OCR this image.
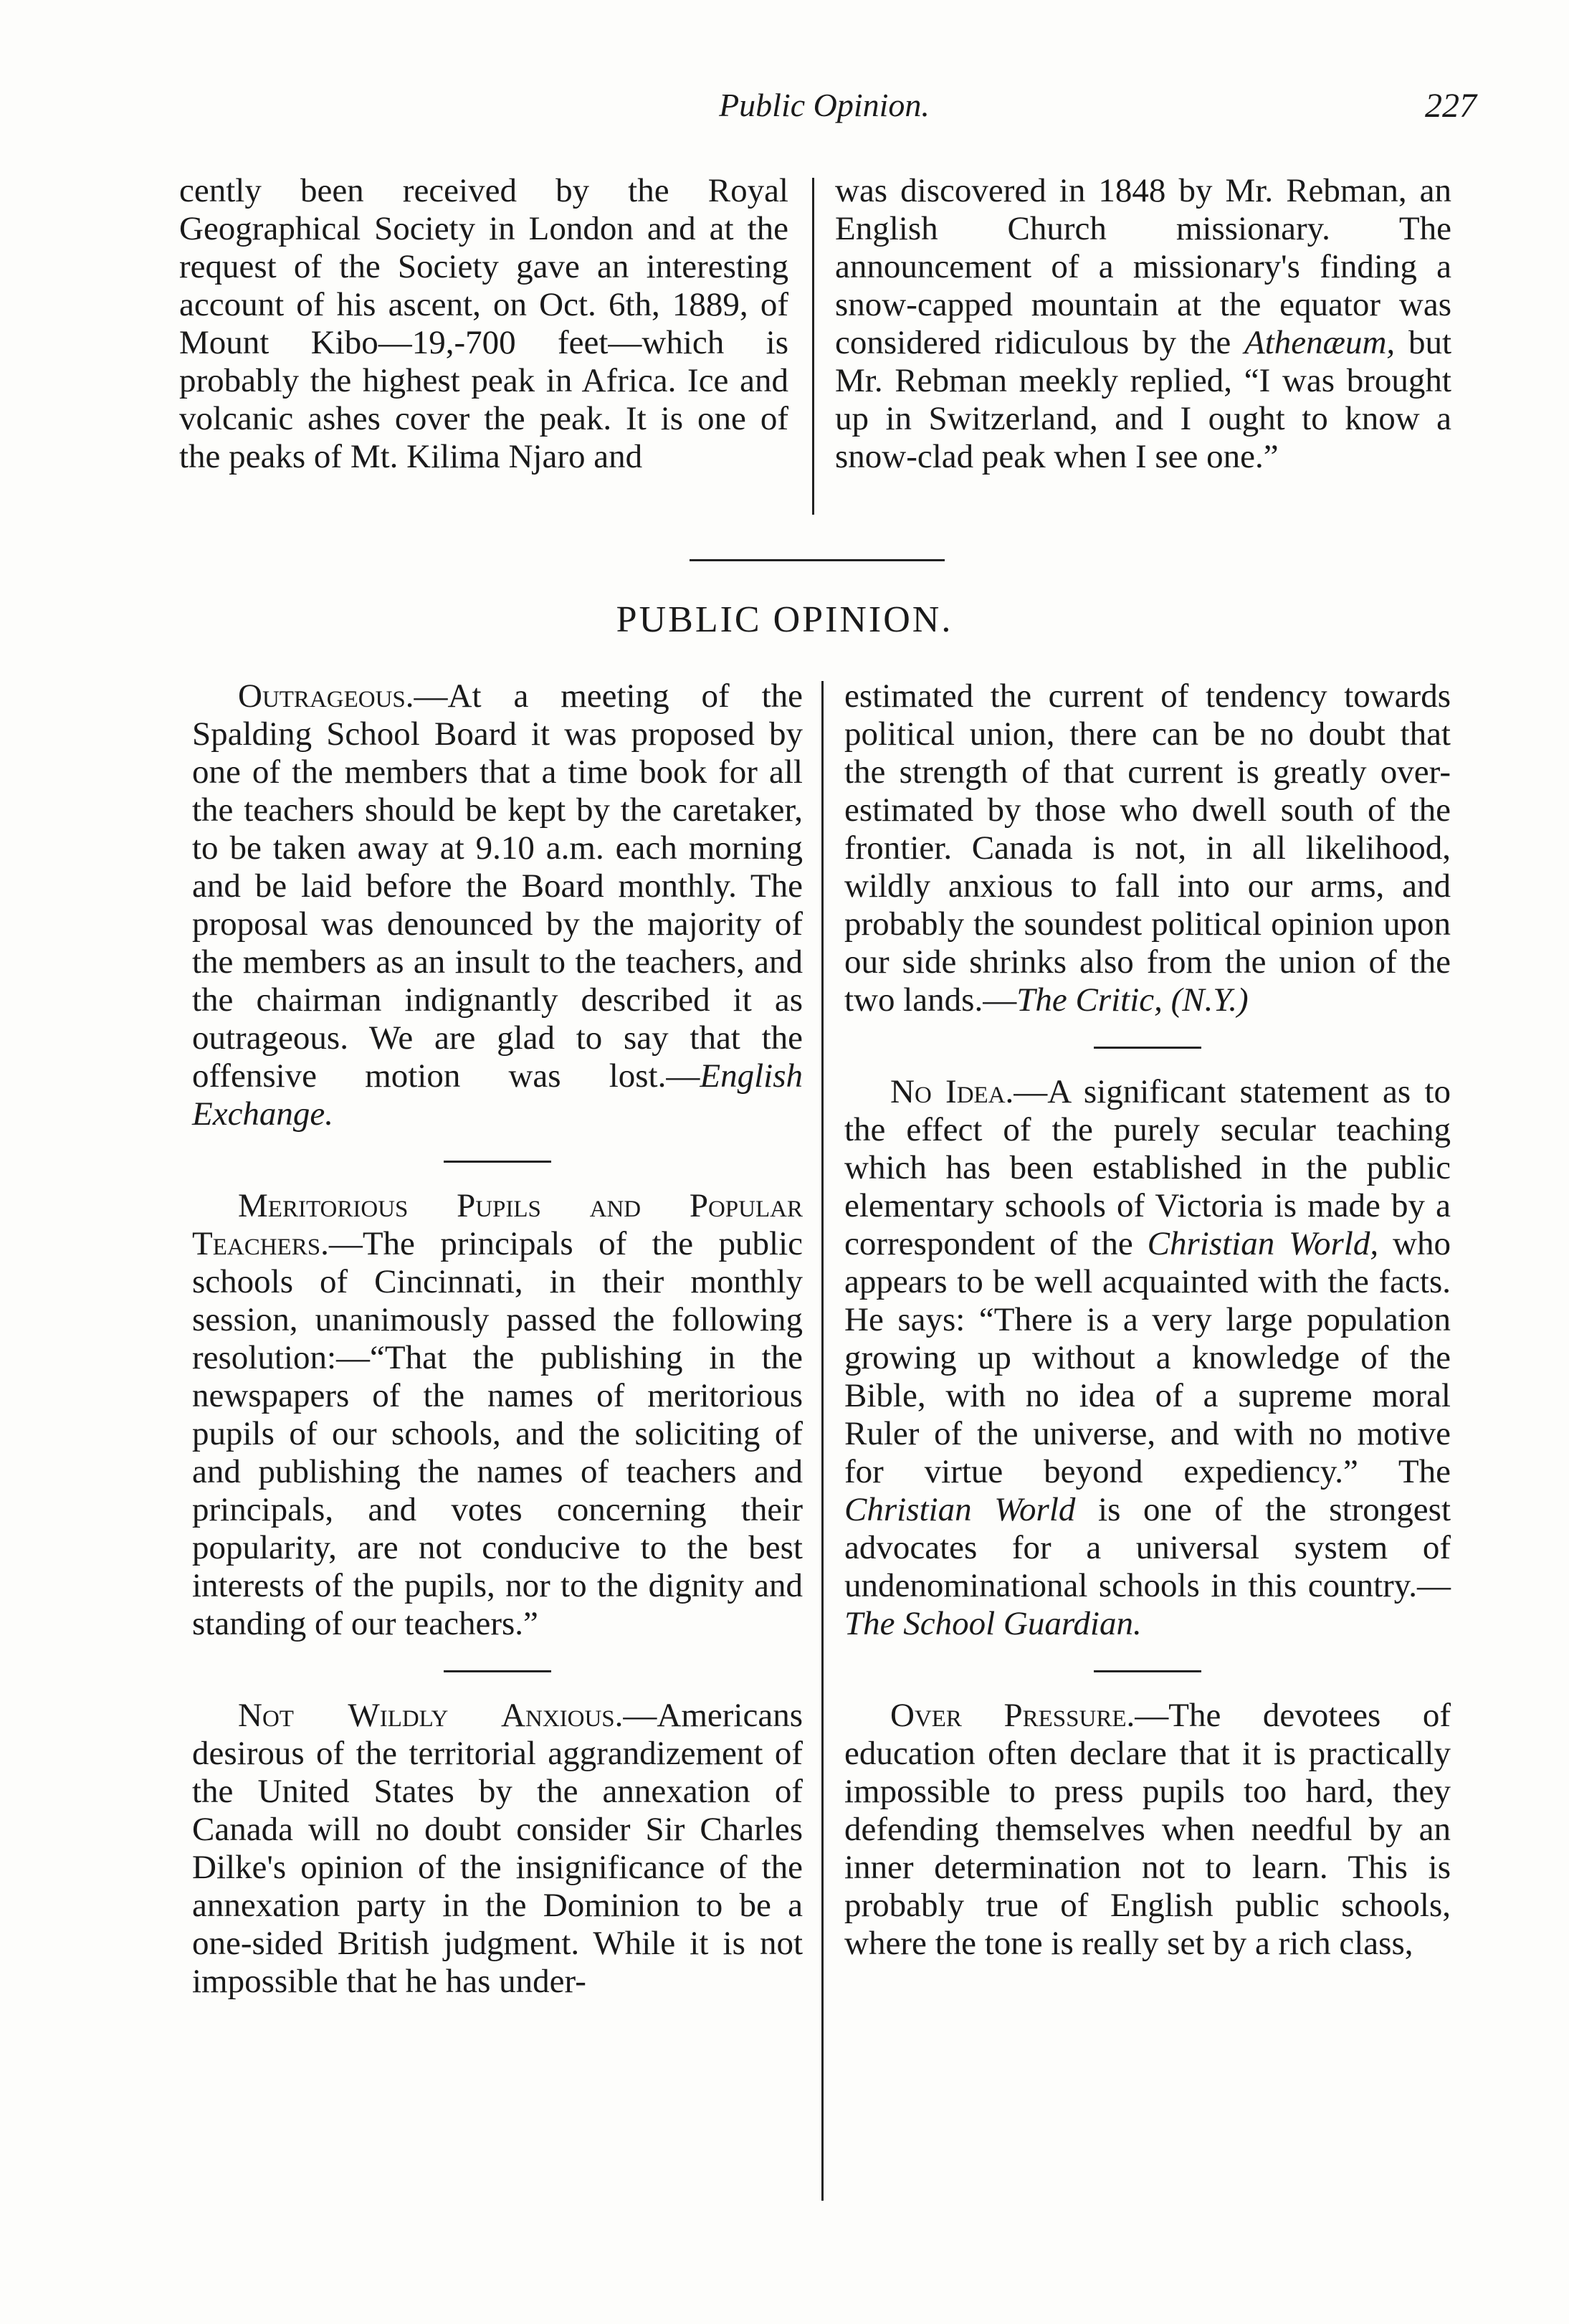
Public Opinion.	227

cently been received by the Royal Geographical Society in London and at the request of the Society gave an interesting account of his ascent, on Oct. 6th, 1889, of Mount Kibo—19,-700 feet—which is probably the highest peak in Africa. Ice and volcanic ashes cover the peak. It is one of the peaks of Mt. Kilima Njaro and

was discovered in 1848 by Mr. Rebman, an English Church missionary. The announcement of a missionary's finding a snow-capped mountain at the equator was considered ridiculous by the Athenæum, but Mr. Rebman meekly replied, “I was brought up in Switzerland, and I ought to know a snow-clad peak when I see one.”

PUBLIC OPINION.

Outrageous.—At a meeting of the Spalding School Board it was proposed by one of the members that a time book for all the teachers should be kept by the caretaker, to be taken away at 9.10 a.m. each morning and be laid before the Board monthly. The proposal was denounced by the majority of the members as an insult to the teachers, and the chairman indignantly described it as outrageous. We are glad to say that the offensive motion was lost.—English Exchange.

Meritorious Pupils and Popular Teachers.—The principals of the public schools of Cincinnati, in their monthly session, unanimously passed the following resolution:—“That the publishing in the newspapers of the names of meritorious pupils of our schools, and the soliciting of and publishing the names of teachers and principals, and votes concerning their popularity, are not conducive to the best interests of the pupils, nor to the dignity and standing of our teachers.”

Not Wildly Anxious.—Americans desirous of the territorial aggrandizement of the United States by the annexation of Canada will no doubt consider Sir Charles Dilke's opinion of the insignificance of the annexation party in the Dominion to be a one-sided British judgment. While it is not impossible that he has under-

estimated the current of tendency towards political union, there can be no doubt that the strength of that current is greatly over-estimated by those who dwell south of the frontier. Canada is not, in all likelihood, wildly anxious to fall into our arms, and probably the soundest political opinion upon our side shrinks also from the union of the two lands.—The Critic, (N.Y.)

No Idea.—A significant statement as to the effect of the purely secular teaching which has been established in the public elementary schools of Victoria is made by a correspondent of the Christian World, who appears to be well acquainted with the facts. He says: “There is a very large population growing up without a knowledge of the Bible, with no idea of a supreme moral Ruler of the universe, and with no motive for virtue beyond expediency.” The Christian World is one of the strongest advocates for a universal system of undenominational schools in this country.—The School Guardian.

Over Pressure.—The devotees of education often declare that it is practically impossible to press pupils too hard, they defending themselves when needful by an inner determination not to learn. This is probably true of English public schools, where the tone is really set by a rich class,
